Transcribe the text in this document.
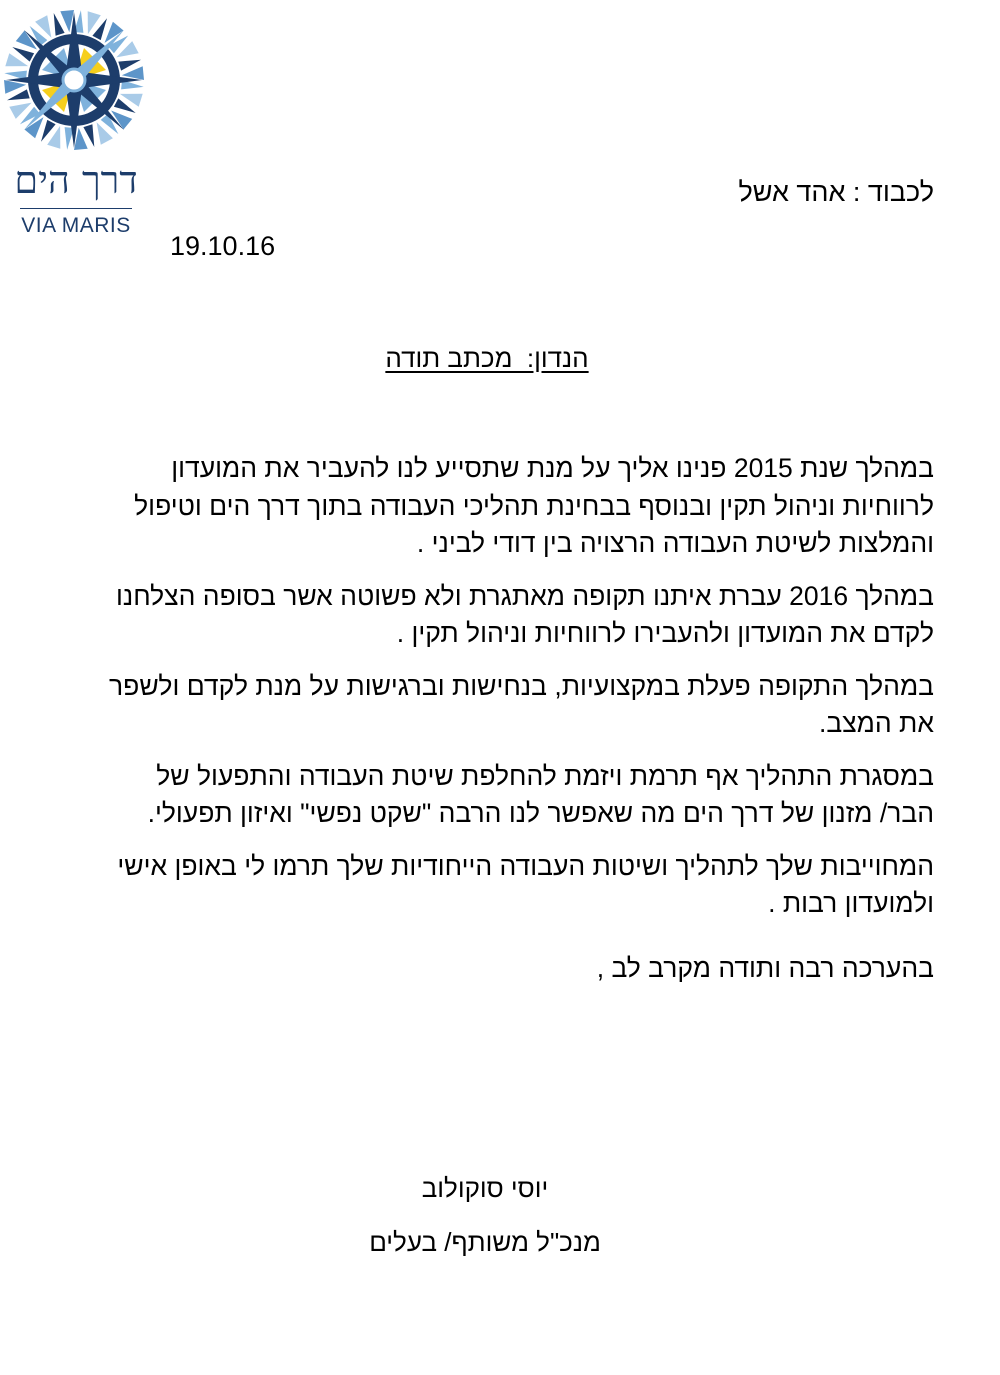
דרך הים
VIA MARIS
לכבוד : אהד אשל
19.10.16
הנדון:  מכתב תודה

במהלך שנת 2015 פנינו אליך על מנת שתסייע לנו להעביר את המועדון
לרווחיות וניהול תקין ובנוסף בבחינת תהליכי העבודה בתוך דרך הים וטיפול
והמלצות לשיטת העבודה הרצויה בין דודי לביני .

במהלך 2016 עברת איתנו תקופה מאתגרת ולא פשוטה אשר בסופה הצלחנו
לקדם את המועדון ולהעבירו לרווחיות וניהול תקין .

במהלך התקופה פעלת במקצועיות, בנחישות וברגישות על מנת לקדם ולשפר
את המצב.

במסגרת התהליך אף תרמת ויזמת להחלפת שיטת העבודה והתפעול של
הבר/ מזנון של דרך הים מה שאפשר לנו הרבה "שקט נפשי" ואיזון תפעולי.

המחוייבות שלך לתהליך ושיטות העבודה הייחודיות שלך תרמו לי באופן אישי
ולמועדון רבות .

בהערכה רבה ותודה מקרב לב ,
יוסי סוקולוב
מנכ"ל משותף/ בעלים
